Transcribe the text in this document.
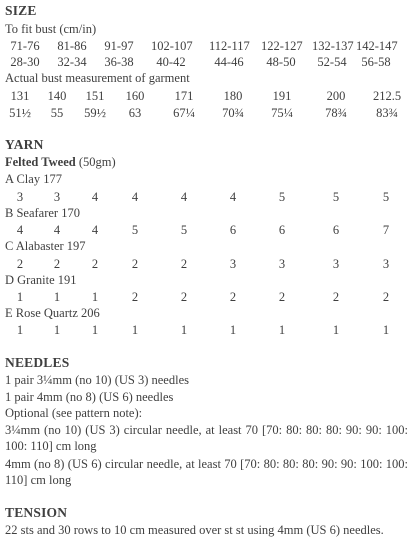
SIZE
To fit bust (cm/in)
71-76	81-86	91-97	102-107 112-117 122-127 132-137 142-147
28-30	32-34	36-38	40-42	44-46	48-50	52-54	56-58
Actual bust measurement of garment
131	140	151	160	171	180	191	200	212.5
51½	55	59½	63	67¼	70¾	75¼	78¾	83¾
YARN
Felted Tweed (50gm)
A Clay 177
3	3	4	4	4	4	5	5	5
B Seafarer 170
4	4	4	5	5	6	6	6	7
C Alabaster 197
2	2	2	2	2	3	3	3	3
D Granite 191
1	1	1	2	2	2	2	2	2
E Rose Quartz 206
1	1	1	1	1	1	1	1	1
NEEDLES
1 pair 3¼mm (no 10) (US 3) needles
1 pair 4mm (no 8) (US 6) needles
Optional (see pattern note):
3¼mm (no 10) (US 3) circular needle, at least 70 [70: 80: 80: 80: 90: 90: 100: 100: 110] cm long
4mm (no 8) (US 6) circular needle, at least 70 [70: 80: 80: 80: 90: 90: 100: 100: 110] cm long
TENSION
22 sts and 30 rows to 10 cm measured over st st using 4mm (US 6) needles.
